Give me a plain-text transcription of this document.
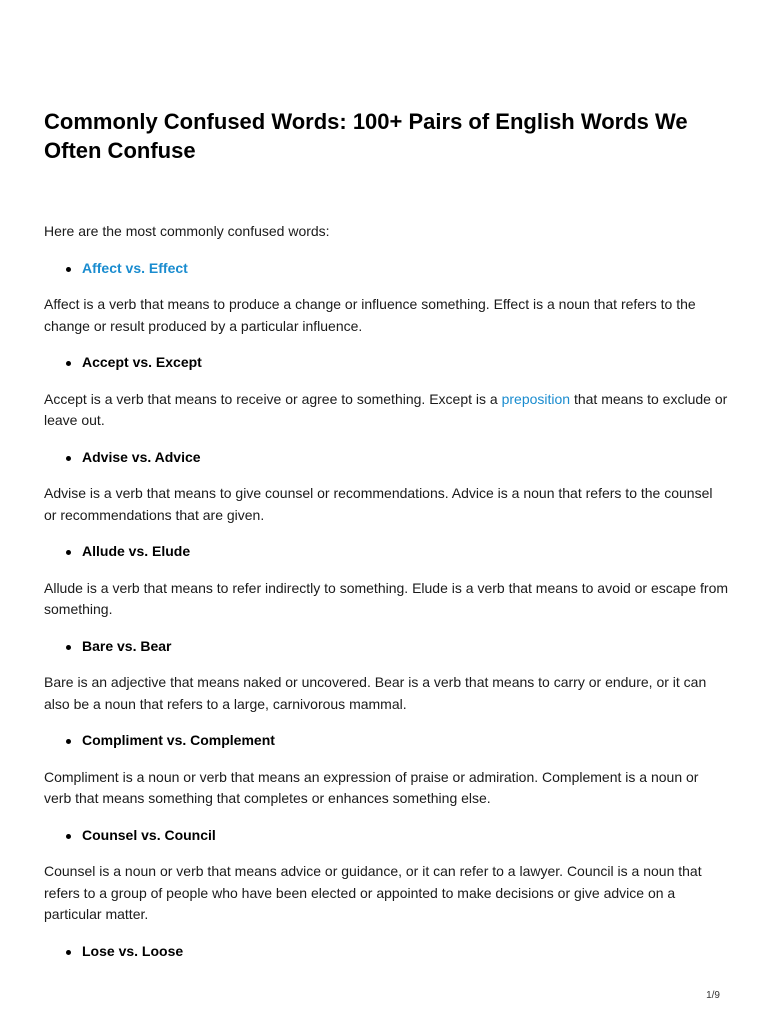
Commonly Confused Words: 100+ Pairs of English Words We Often Confuse

Here are the most commonly confused words:

Affect vs. Effect

Affect is a verb that means to produce a change or influence something. Effect is a noun that refers to the change or result produced by a particular influence.

Accept vs. Except

Accept is a verb that means to receive or agree to something. Except is a preposition that means to exclude or leave out.

Advise vs. Advice

Advise is a verb that means to give counsel or recommendations. Advice is a noun that refers to the counsel or recommendations that are given.

Allude vs. Elude

Allude is a verb that means to refer indirectly to something. Elude is a verb that means to avoid or escape from something.

Bare vs. Bear

Bare is an adjective that means naked or uncovered. Bear is a verb that means to carry or endure, or it can also be a noun that refers to a large, carnivorous mammal.

Compliment vs. Complement

Compliment is a noun or verb that means an expression of praise or admiration. Complement is a noun or verb that means something that completes or enhances something else.

Counsel vs. Council

Counsel is a noun or verb that means advice or guidance, or it can refer to a lawyer. Council is a noun that refers to a group of people who have been elected or appointed to make decisions or give advice on a particular matter.

Lose vs. Loose
1/9
